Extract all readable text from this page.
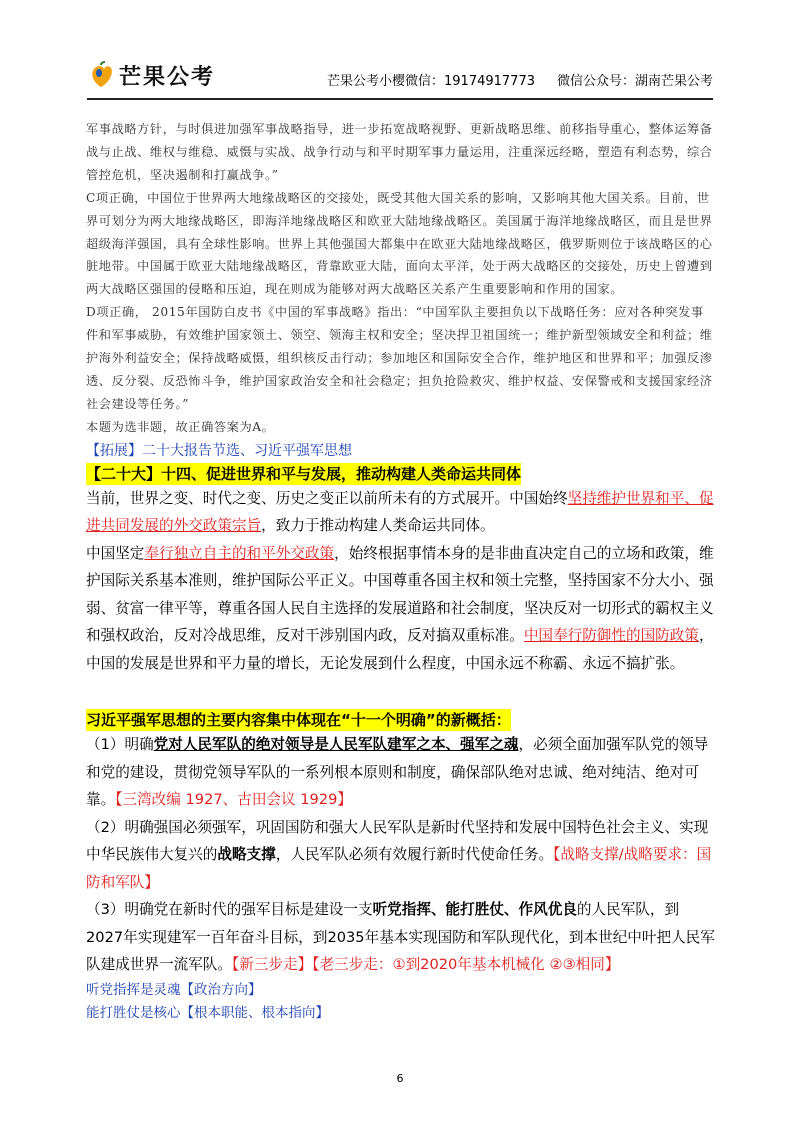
芒果公考	芒果公考小樱微信：19174917773 微信公众号：湖南芒果公考

军事战略方针，与时俱进加强军事战略指导，进一步拓宽战略视野、更新战略思维、前移指导重心，整体运筹备战与止战、维权与维稳、威慑与实战、战争行动与和平时期军事力量运用，注重深远经略，塑造有利态势，综合管控危机，坚决遏制和打赢战争。”

C项正确，中国位于世界两大地缘战略区的交接处，既受其他大国关系的影响，又影响其他大国关系。目前，世界可划分为两大地缘战略区，即海洋地缘战略区和欧亚大陆地缘战略区。美国属于海洋地缘战略区，而且是世界超级海洋强国，具有全球性影响。世界上其他强国大都集中在欧亚大陆地缘战略区，俄罗斯则位于该战略区的心脏地带。中国属于欧亚大陆地缘战略区，背靠欧亚大陆，面向太平洋，处于两大战略区的交接处，历史上曾遭到两大战略区强国的侵略和压迫，现在则成为能够对两大战略区关系产生重要影响和作用的国家。

D项正确， 2015年国防白皮书《中国的军事战略》指出：“中国军队主要担负以下战略任务：应对各种突发事件和军事威胁，有效维护国家领土、领空、领海主权和安全；坚决捍卫祖国统一；维护新型领域安全和利益；维护海外利益安全；保持战略威慑，组织核反击行动；参加地区和国际安全合作，维护地区和世界和平；加强反渗透、反分裂、反恐怖斗争，维护国家政治安全和社会稳定；担负抢险救灾、维护权益、安保警戒和支援国家经济社会建设等任务。”

本题为选非题，故正确答案为A。

【拓展】二十大报告节选、习近平强军思想
【二十大】十四、促进世界和平与发展，推动构建人类命运共同体

当前，世界之变、时代之变、历史之变正以前所未有的方式展开。中国始终坚持维护世界和平、促进共同发展的外交政策宗旨，致力于推动构建人类命运共同体。

中国坚定奉行独立自主的和平外交政策，始终根据事情本身的是非曲直决定自己的立场和政策，维护国际关系基本准则，维护国际公平正义。中国尊重各国主权和领土完整，坚持国家不分大小、强弱、贫富一律平等，尊重各国人民自主选择的发展道路和社会制度，坚决反对一切形式的霸权主义和强权政治，反对冷战思维，反对干涉别国内政，反对搞双重标准。中国奉行防御性的国防政策，中国的发展是世界和平力量的增长，无论发展到什么程度，中国永远不称霸、永远不搞扩张。

习近平强军思想的主要内容集中体现在“十一个明确”的新概括：

（1）明确党对人民军队的绝对领导是人民军队建军之本、强军之魂，必须全面加强军队党的领导和党的建设，贯彻党领导军队的一系列根本原则和制度，确保部队绝对忠诚、绝对纯洁、绝对可靠。【三湾改编 1927、古田会议 1929】

（2）明确强国必须强军，巩固国防和强大人民军队是新时代坚持和发展中国特色社会主义、实现中华民族伟大复兴的战略支撑，人民军队必须有效履行新时代使命任务。【战略支撑/战略要求：国防和军队】

（3）明确党在新时代的强军目标是建设一支听党指挥、能打胜仗、作风优良的人民军队，到2027年实现建军一百年奋斗目标，到2035年基本实现国防和军队现代化，到本世纪中叶把人民军队建成世界一流军队。【新三步走】【老三步走：①到2020年基本机械化 ②③相同】

听党指挥是灵魂【政治方向】

能打胜仗是核心【根本职能、根本指向】

6
